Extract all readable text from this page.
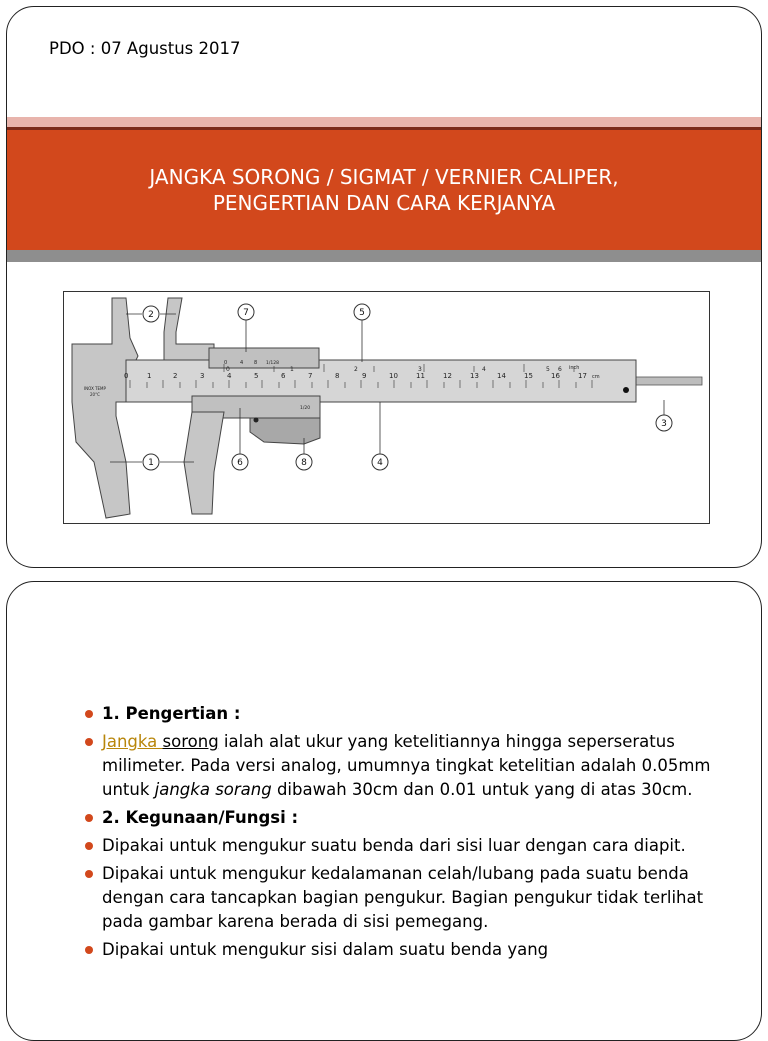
PDO : 07 Agustus 2017
JANGKA SORONG / SIGMAT / VERNIER CALIPER,
PENGERTIAN DAN CARA KERJANYA
0	1	2	3	4	5	6	7	8	9	10	11	12	13	14	15	16	17 cm
0	1	2	3	4	5 6 inch
0	4 8 1/128
1/20
INOX TEMP
20°C
2	7	5
3
1	6	8	4
1. Pengertian :
Jangka sorong ialah alat ukur yang ketelitiannya hingga seperseratus milimeter. Pada versi analog, umumnya tingkat ketelitian adalah 0.05mm untuk jangka sorang dibawah 30cm dan 0.01 untuk yang di atas 30cm.
2. Kegunaan/Fungsi :
Dipakai untuk mengukur suatu benda dari sisi luar dengan cara diapit.
Dipakai untuk mengukur kedalamanan celah/lubang pada suatu benda dengan cara tancapkan bagian pengukur. Bagian pengukur tidak terlihat pada gambar karena berada di sisi pemegang.
Dipakai untuk mengukur sisi dalam suatu benda yang
